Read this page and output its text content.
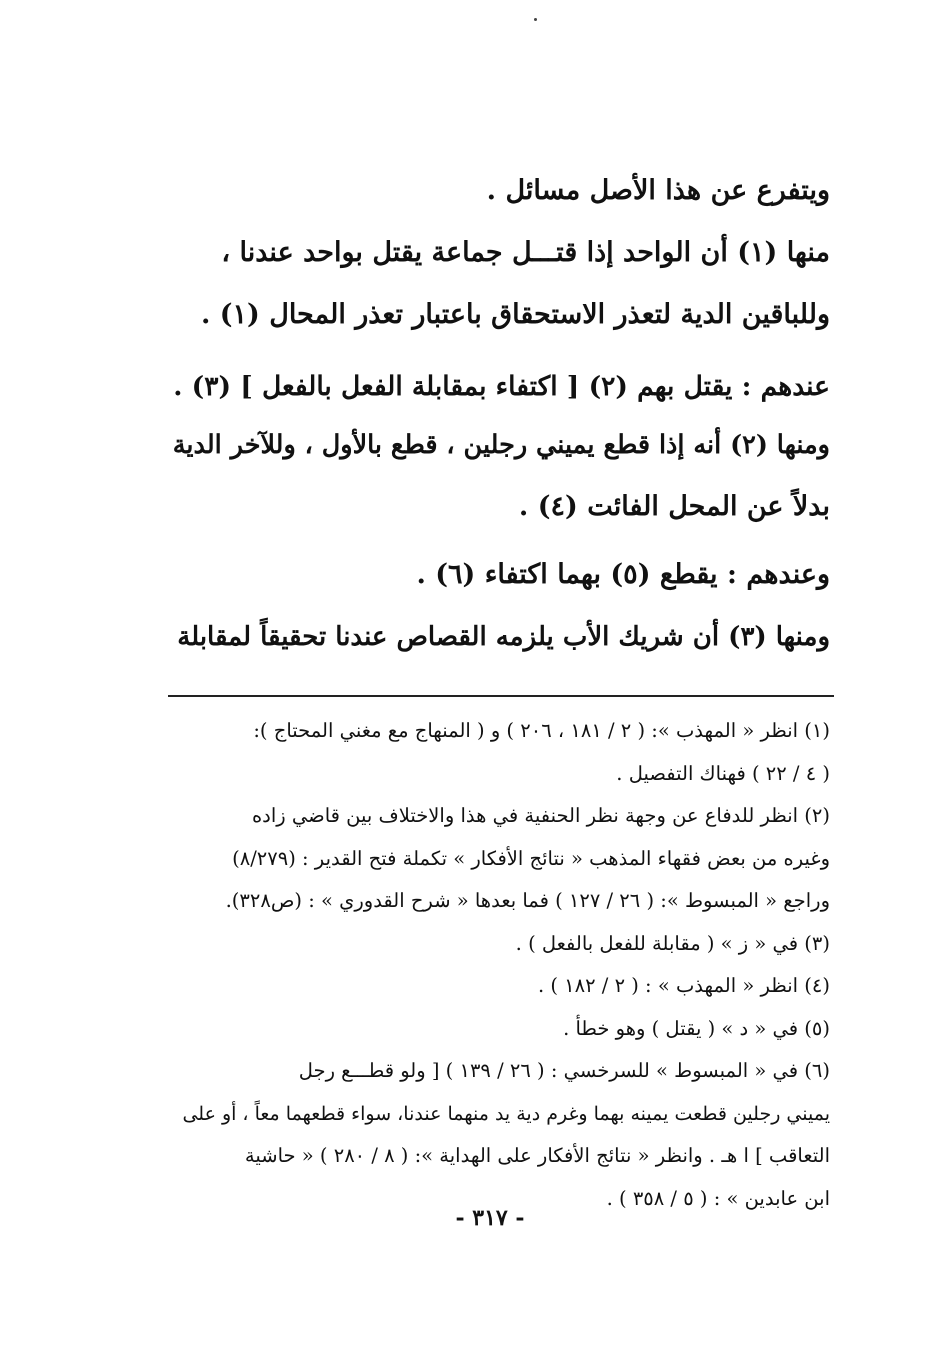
ويتفرع عن هذا الأصل مسائل .

منها (١) أن الواحد إذا قتـــل جماعة يقتل بواحد عندنا ،

وللباقين الدية لتعذر الاستحقاق باعتبار تعذر المحال (١) .

عندهم : يقتل بهم (٢) [ اكتفاء بمقابلة الفعل بالفعل ] (٣) .

ومنها (٢) أنه إذا قطع يميني رجلين ، قطع بالأول ، وللآخر الدية

بدلاً عن المحل الفائت (٤) .

وعندهم : يقطع (٥) بهما اكتفاء (٦) .

ومنها (٣) أن شريك الأب يلزمه القصاص عندنا تحقيقاً لمقابلة

(١) انظر « المهذب »: ( ٢ / ١٨١ ، ٢٠٦ ) و ( المنهاج مع مغني المحتاج ):

( ٤ / ٢٢ ) فهناك التفصيل .

(٢) انظر للدفاع عن وجهة نظر الحنفية في هذا والاختلاف بين قاضي زاده

وغيره من بعض فقهاء المذهب « نتائج الأفكار » تكملة فتح القدير : (٨/٢٧٩)

وراجع « المبسوط »: ( ٢٦ / ١٢٧ ) فما بعدها « شرح القدوري » : (ص٣٢٨).

(٣) في « ز » ( مقابلة للفعل بالفعل ) .

(٤) انظر « المهذب » : ( ٢ / ١٨٢ ) .

(٥) في « د » ( يقتل ) وهو خطأ .

(٦) في « المبسوط » للسرخسي : ( ٢٦ / ١٣٩ ) [ ولو قطـــع رجل

يميني رجلين قطعت يمينه بهما وغرم دية يد منهما عندنا، سواء قطعهما معاً ، أو على

التعاقب ] ا هـ . وانظر « نتائج الأفكار على الهداية »: ( ٨ / ٢٨٠ ) « حاشية

ابن عابدين » : ( ٥ / ٣٥٨ ) .

- ٣١٧ -
